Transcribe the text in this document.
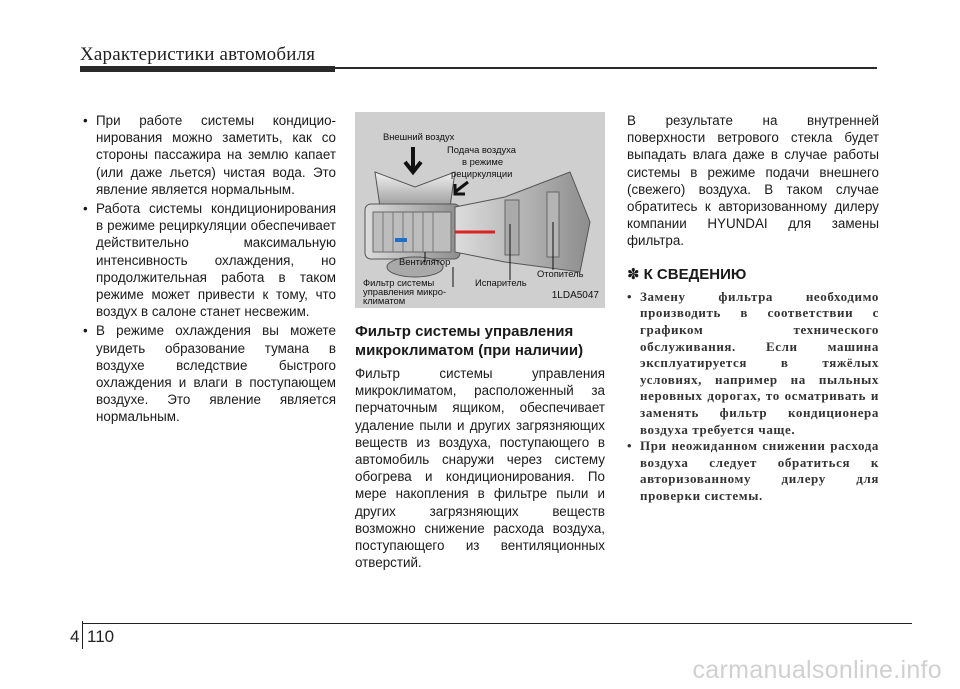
Характеристики автомобиля
• При работе системы кондиционирования можно заметить, как со стороны пассажира на землю капает (или даже льется) чистая вода. Это явление является нормальным.
• Работа системы кондиционирования в режиме рециркуляции обеспечивает действительно максимальную интенсивность охлаждения, но продолжительная работа в таком режиме может привести к тому, что воздух в салоне станет несвежим.
• В режиме охлаждения вы можете увидеть образование тумана в воздухе вследствие быстрого охлаждения и влаги в поступающем воздухе. Это явление является нормальным.
Внешний воздух
Подача воздуха
в режиме
рециркуляции
Вентилятор
Фильтр системы
управления микро-
климатом
Испаритель
Отопитель
1LDA5047
Фильтр системы управления микроклиматом (при наличии)
Фильтр системы управления микроклиматом, расположенный за перчаточным ящиком, обеспечивает удаление пыли и других загрязняющих веществ из воздуха, поступающего в автомобиль снаружи через систему обогрева и кондиционирования. По мере накопления в фильтре пыли и других загрязняющих веществ возможно снижение расхода воздуха, поступающего из вентиляционных отверстий.
В результате на внутренней поверхности ветрового стекла будет выпадать влага даже в случае работы системы в режиме подачи внешнего (свежего) воздуха. В таком случае обратитесь к авторизованному дилеру компании HYUNDAI для замены фильтра.
✽ К СВЕДЕНИЮ
• Замену фильтра необходимо производить в соответствии с графиком технического обслуживания. Если машина эксплуатируется в тяжёлых условиях, например на пыльных неровных дорогах, то осматривать и заменять фильтр кондиционера воздуха требуется чаще.
• При неожиданном снижении расхода воздуха следует обратиться к авторизованному дилеру для проверки системы.
4 110
carmanualsonline.info
